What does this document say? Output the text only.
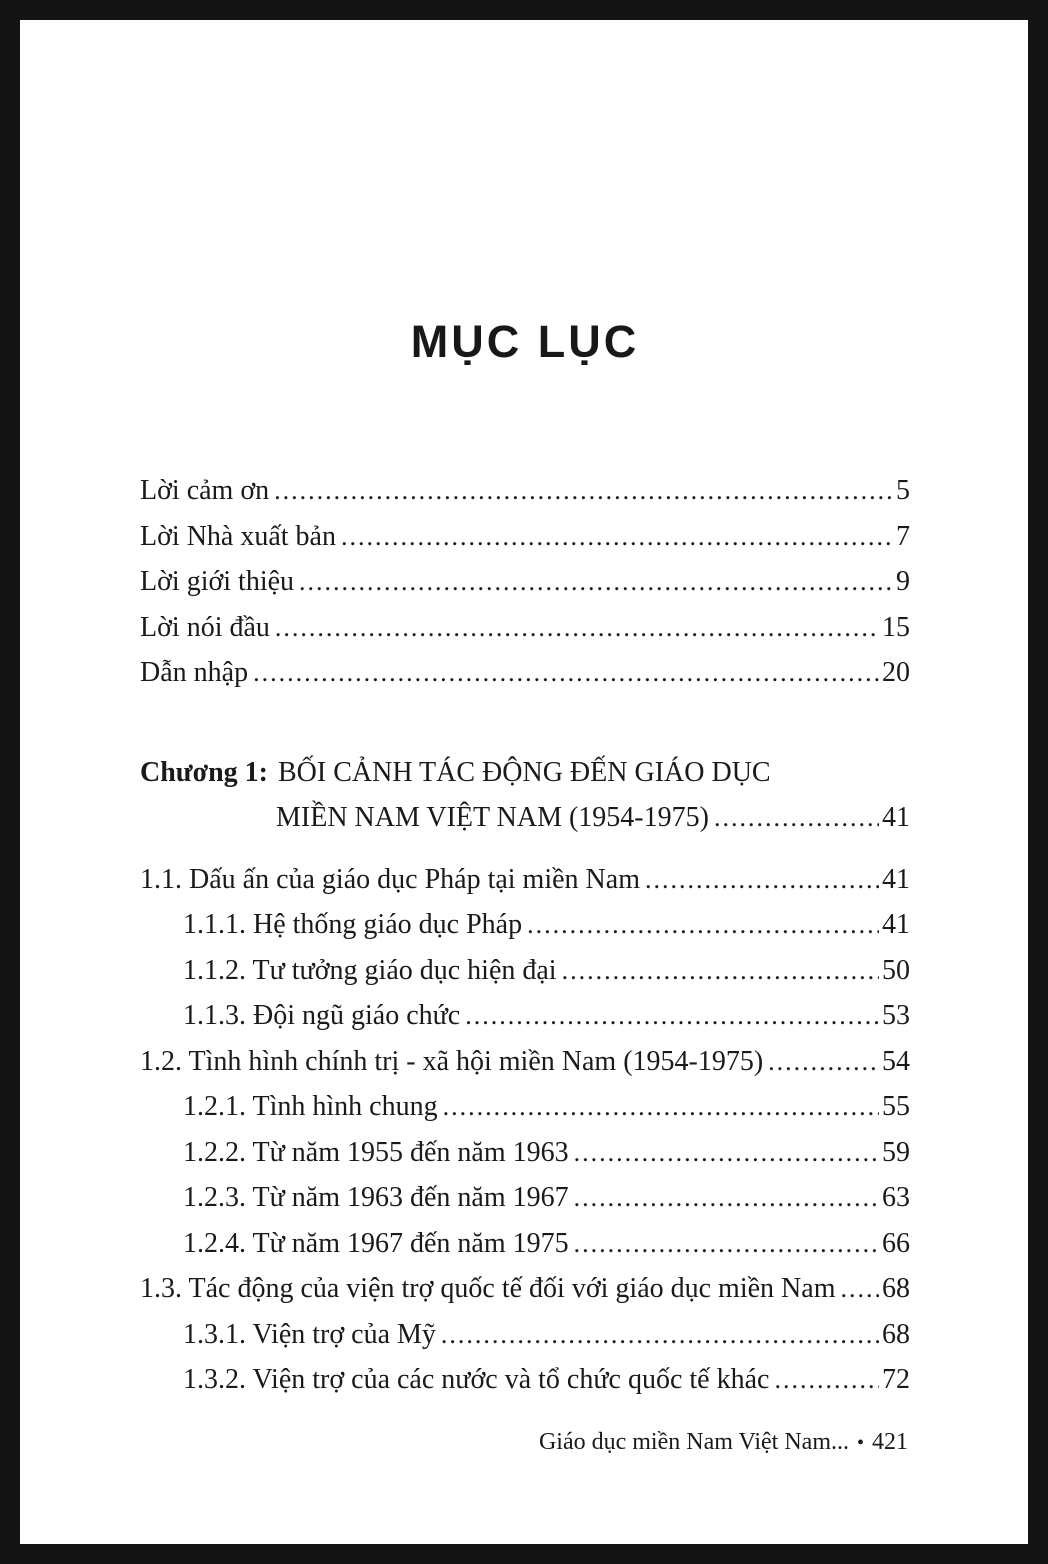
MỤC LỤC
Lời cảm ơn .....	5
Lời Nhà xuất bản .....	7
Lời giới thiệu .....	9
Lời nói đầu .....	15
Dẫn nhập .....	20
Chương 1: BỐI CẢNH TÁC ĐỘNG ĐẾN GIÁO DỤC
MIỀN NAM VIỆT NAM (1954-1975) .....	41
1.1. Dấu ấn của giáo dục Pháp tại miền Nam .....	41
1.1.1. Hệ thống giáo dục Pháp .....	41
1.1.2. Tư tưởng giáo dục hiện đại .....	50
1.1.3. Đội ngũ giáo chức .....	53
1.2. Tình hình chính trị - xã hội miền Nam (1954-1975) .....	54
1.2.1. Tình hình chung .....	55
1.2.2. Từ năm 1955 đến năm 1963 .....	59
1.2.3. Từ năm 1963 đến năm 1967 .....	63
1.2.4. Từ năm 1967 đến năm 1975 .....	66
1.3. Tác động của viện trợ quốc tế đối với giáo dục miền Nam ..... 68
1.3.1. Viện trợ của Mỹ .....	68
1.3.2. Viện trợ của các nước và tổ chức quốc tế khác .....	72
Giáo dục miền Nam Việt Nam... • 421
